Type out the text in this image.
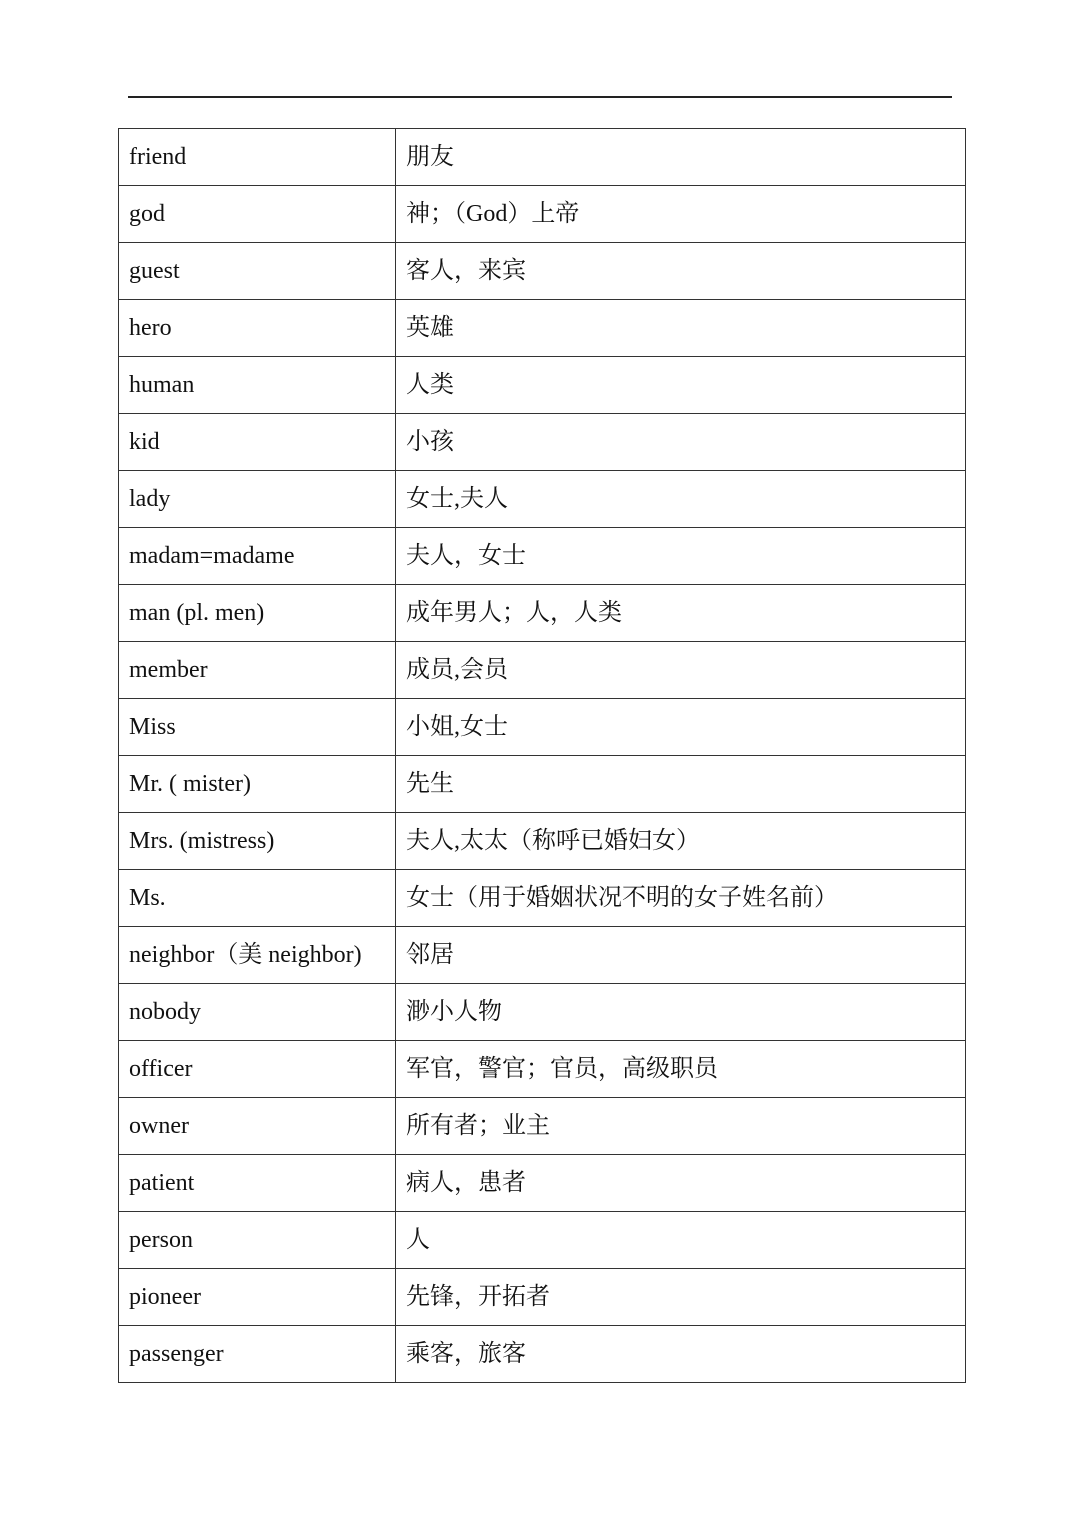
friend	朋友
god	神；（God）上帝
guest	客人，来宾
hero	英雄
human	人类
kid	小孩
lady	女士,夫人
madam=madame	夫人，女士
man (pl. men)	成年男人；人，人类
member	成员,会员
Miss	小姐,女士
Mr. ( mister)	先生
Mrs. (mistress)	夫人,太太（称呼已婚妇女）
Ms.	女士（用于婚姻状况不明的女子姓名前）
neighbor（美 neighbor)	邻居
nobody	渺小人物
officer	军官，警官；官员，高级职员
owner	所有者；业主
patient	病人，患者
person	人
pioneer	先锋，开拓者
passenger	乘客，旅客
